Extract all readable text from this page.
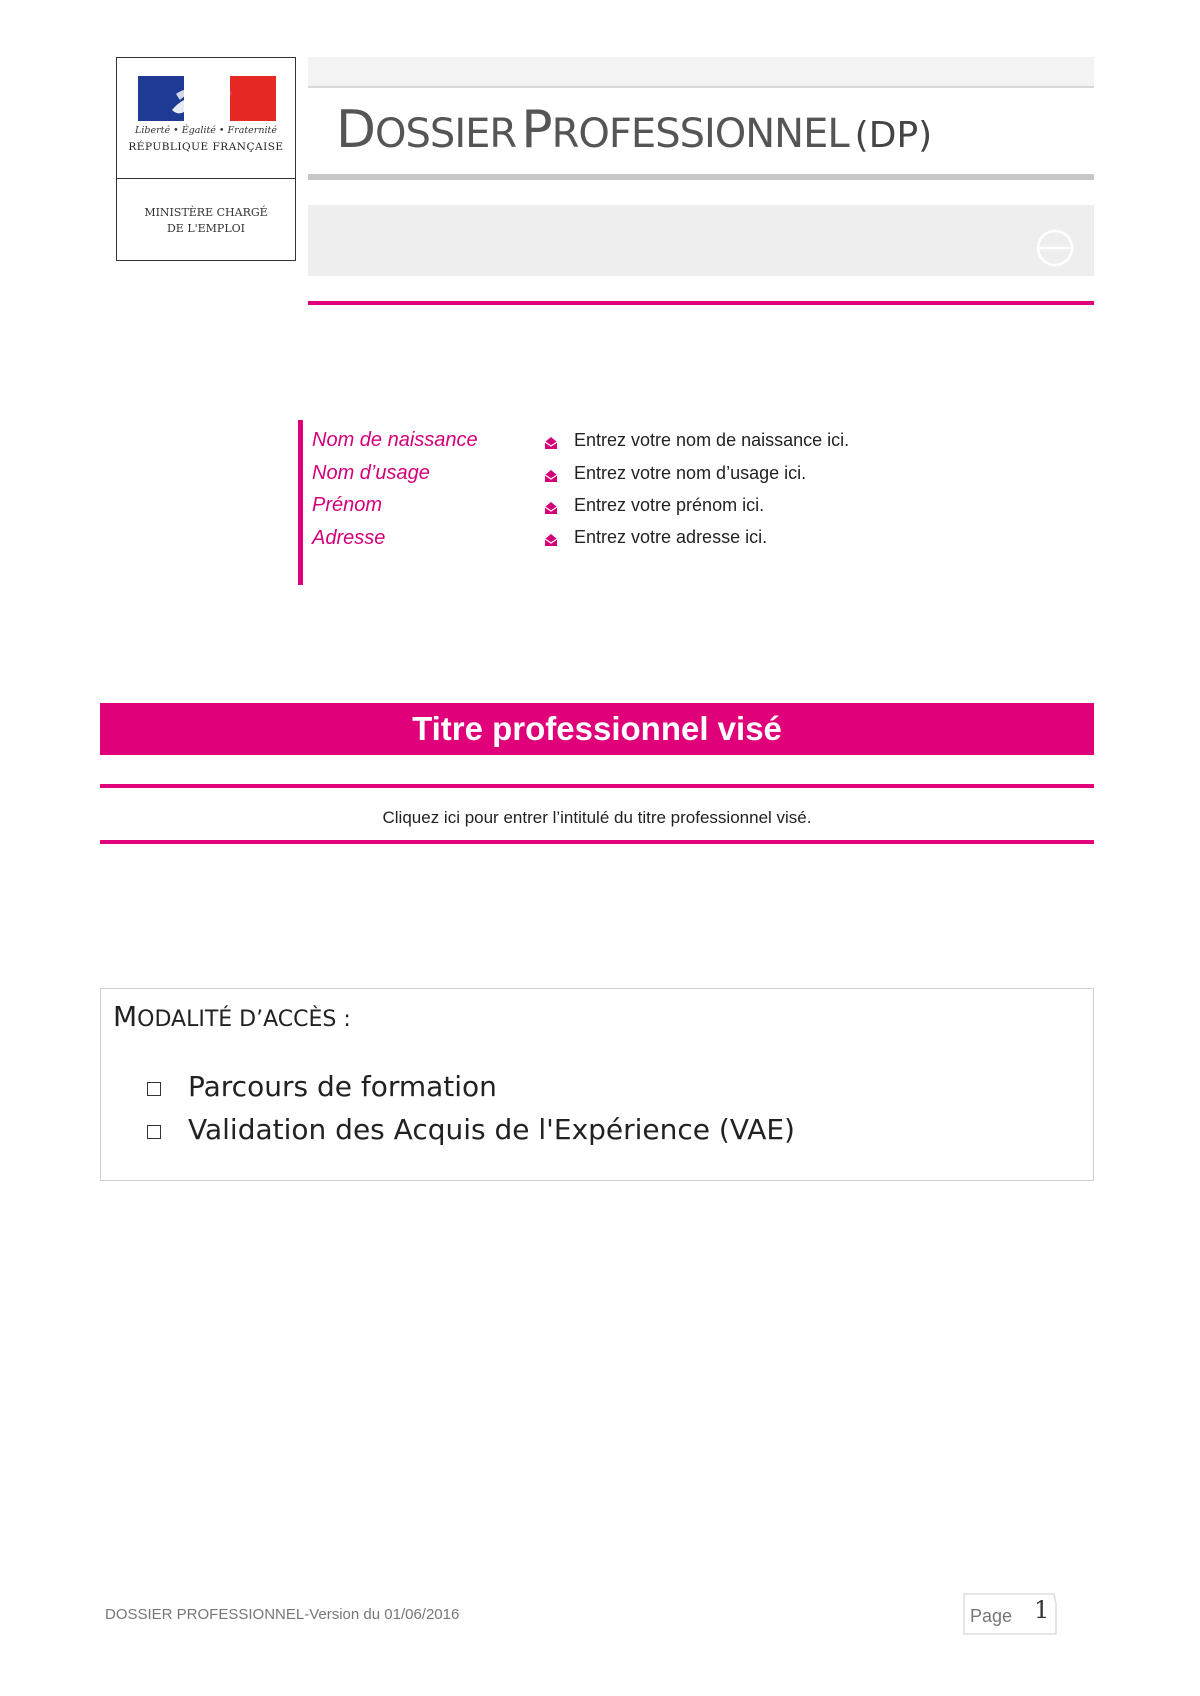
Liberté • Égalité • Fraternité
RÉPUBLIQUE FRANÇAISE
MINISTÈRE CHARGÉ
DE L'EMPLOI
DOSSIER PROFESSIONNEL (DP)
Nom de naissance	Entrez votre nom de naissance ici.
Nom d’usage	Entrez votre nom d’usage ici.
Prénom	Entrez votre prénom ici.
Adresse	Entrez votre adresse ici.
Titre professionnel visé
Cliquez ici pour entrer l’intitulé du titre professionnel visé.
MODALITÉ D’ACCÈS :
Parcours de formation
Validation des Acquis de l'Expérience (VAE)
DOSSIER PROFESSIONNEL-Version du 01/06/2016	Page 1
